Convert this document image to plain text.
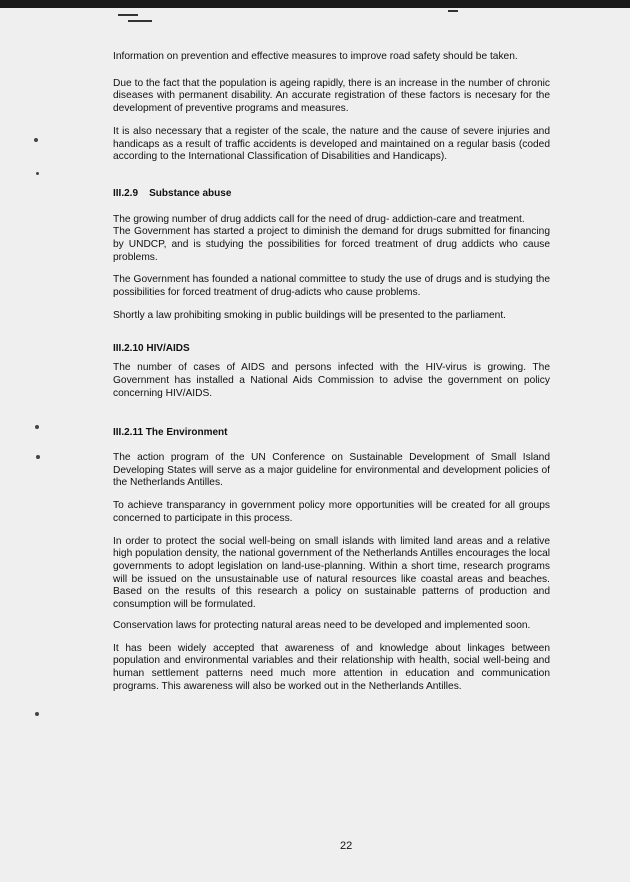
Information on prevention and effective measures to improve road safety should be taken.

Due to the fact that the population is ageing rapidly, there is an increase in the number of chronic diseases with permanent disability. An accurate registration of these factors is necesary for the development of preventive programs and measures.

It is also necessary that a register of the scale, the nature and the cause of severe injuries and handicaps as a result of traffic accidents is developed and maintained on a regular basis (coded according to the International Classification of Disabilities and Handicaps).

III.2.9    Substance abuse

The growing number of drug addicts call for the need of drug- addiction-care and treatment.

The Government has started a project to diminish the demand for drugs submitted for financing by UNDCP, and is studying the possibilities for forced treatment of drug addicts who cause problems.

The Government has founded a national committee to study the use of drugs and is studying the possibilities for forced treatment of drug-adicts who cause problems.

Shortly a law prohibiting smoking in public buildings will be presented to the parliament.

III.2.10 HIV/AIDS

The number of cases of AIDS and persons infected with the HIV-virus is growing. The Government has installed a National Aids Commission to advise the government on policy concerning HIV/AIDS.

III.2.11 The Environment

The action program of the UN Conference on Sustainable Development of Small Island Developing States will serve as a major guideline for environmental and development policies of the Netherlands Antilles.

To achieve transparancy in government policy more opportunities will be created for all groups concerned to participate in this process.

In order to protect the social well-being on small islands with limited land areas and a relative high population density, the national government of the Netherlands Antilles encourages the local governments to adopt legislation on land-use-planning. Within a short time, research programs will be issued on the unsustainable use of natural resources like coastal areas and beaches. Based on the results of this research a policy on sustainable patterns of production and consumption will be formulated.

Conservation laws for protecting natural areas need to be developed and implemented soon.

It has been widely accepted that awareness of and knowledge about linkages between population and environmental variables and their relationship with health, social well-being and human settlement patterns need much more attention in education and communication programs. This awareness will also be worked out in the Netherlands Antilles.

22
